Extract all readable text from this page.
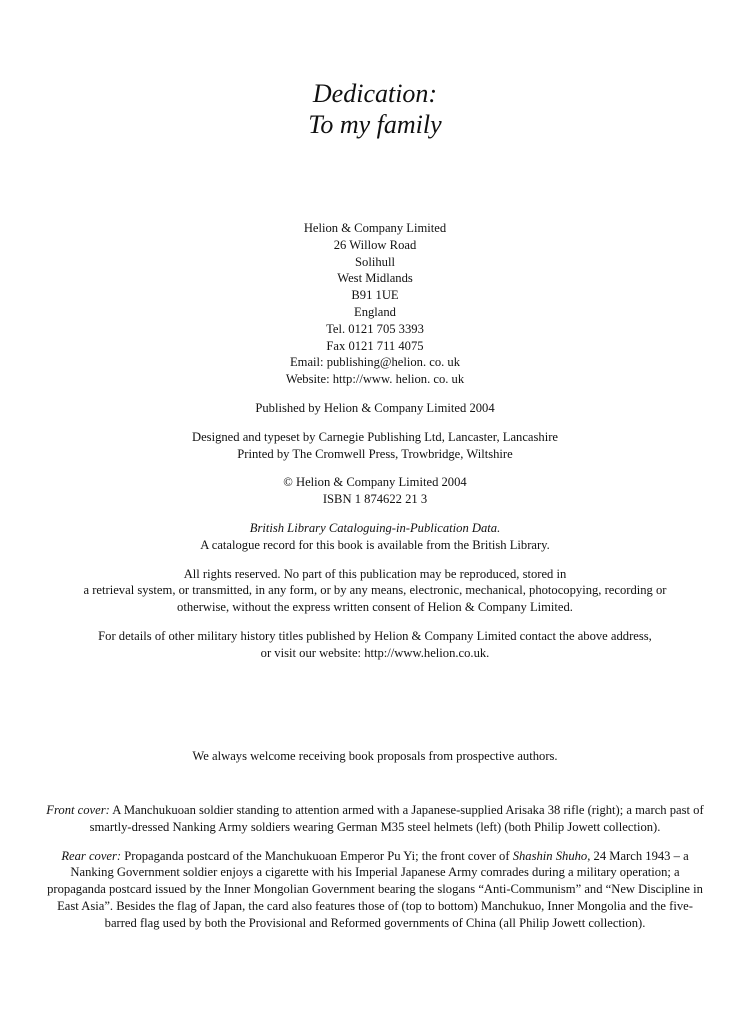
Dedication:
To my family
Helion & Company Limited
26 Willow Road
Solihull
West Midlands
B91 1UE
England
Tel. 0121 705 3393
Fax 0121 711 4075
Email: publishing@helion. co. uk
Website: http://www. helion. co. uk
Published by Helion & Company Limited 2004
Designed and typeset by Carnegie Publishing Ltd, Lancaster, Lancashire
Printed by The Cromwell Press, Trowbridge, Wiltshire
© Helion & Company Limited 2004
ISBN 1 874622 21 3
British Library Cataloguing-in-Publication Data.
A catalogue record for this book is available from the British Library.
All rights reserved. No part of this publication may be reproduced, stored in
a retrieval system, or transmitted, in any form, or by any means, electronic, mechanical, photocopying, recording or
otherwise, without the express written consent of Helion & Company Limited.
For details of other military history titles published by Helion & Company Limited contact the above address,
or visit our website: http://www.helion.co.uk.
We always welcome receiving book proposals from prospective authors.

Front cover: A Manchukuoan soldier standing to attention armed with a Japanese-supplied Arisaka 38 rifle (right); a march past of smartly-dressed Nanking Army soldiers wearing German M35 steel helmets (left) (both Philip Jowett collection).

Rear cover: Propaganda postcard of the Manchukuoan Emperor Pu Yi; the front cover of Shashin Shuho, 24 March 1943 – a Nanking Government soldier enjoys a cigarette with his Imperial Japanese Army comrades during a military operation; a propaganda postcard issued by the Inner Mongolian Government bearing the slogans “Anti-Communism” and “New Discipline in East Asia”. Besides the flag of Japan, the card also features those of (top to bottom) Manchukuo, Inner Mongolia and the five-barred flag used by both the Provisional and Reformed governments of China (all Philip Jowett collection).
